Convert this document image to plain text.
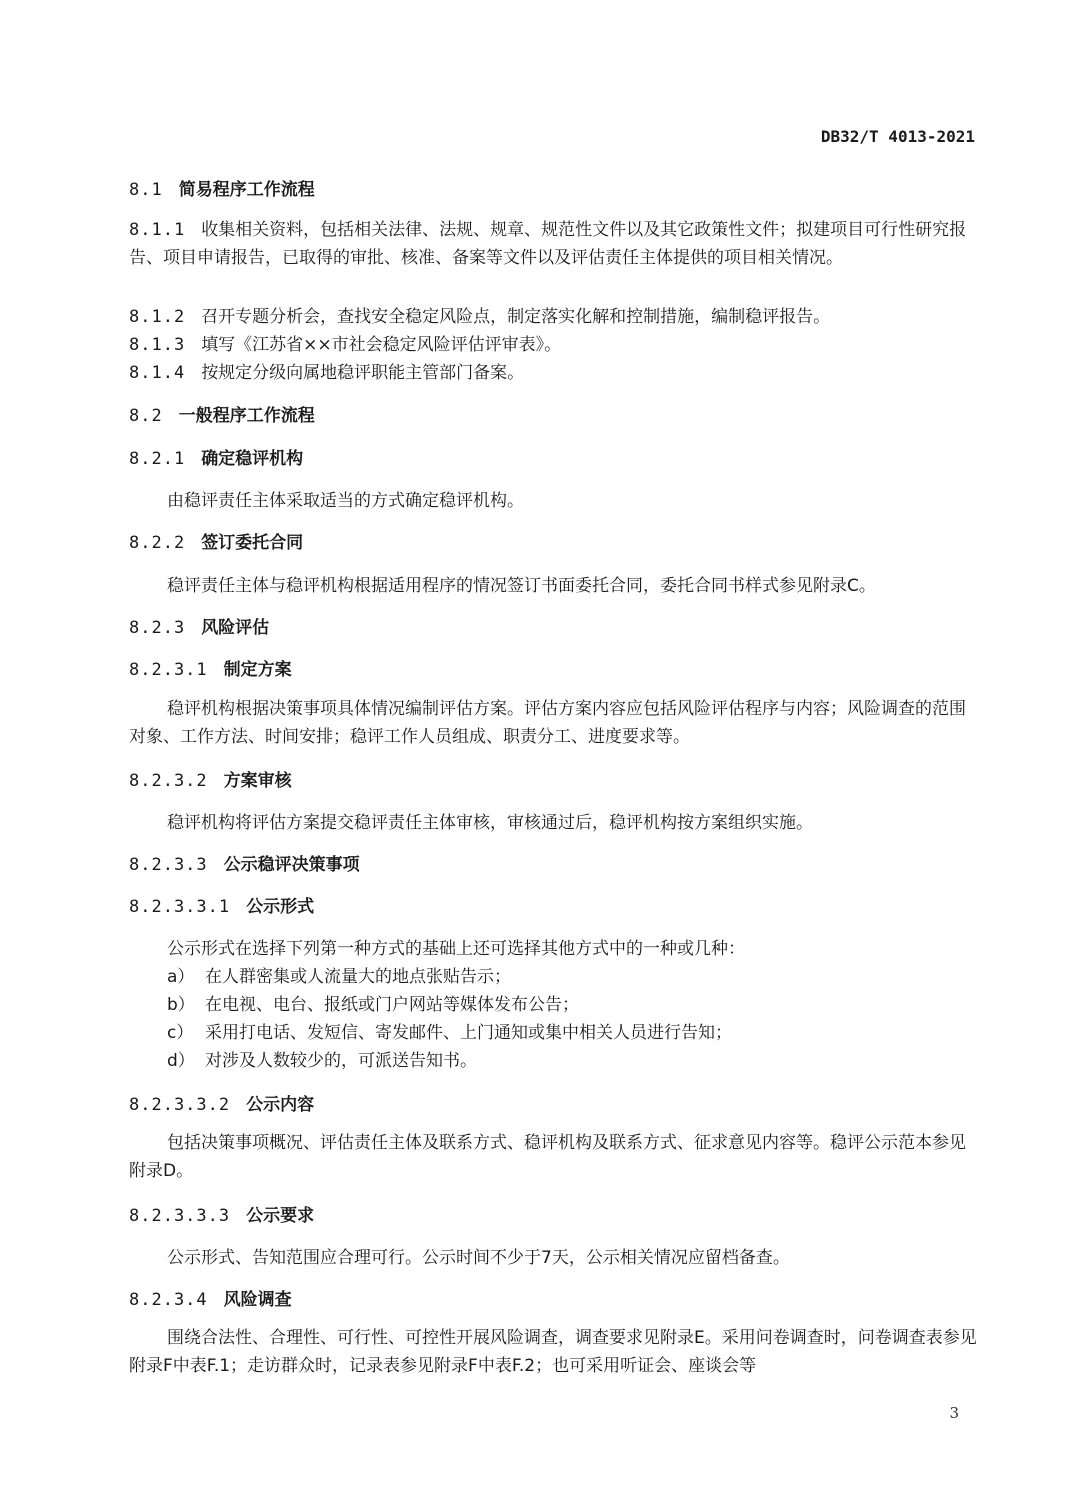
DB32/T 4013-2021
8.1 简易程序工作流程
8.1.1 收集相关资料，包括相关法律、法规、规章、规范性文件以及其它政策性文件；拟建项目可行性研究报告、项目申请报告，已取得的审批、核准、备案等文件以及评估责任主体提供的项目相关情况。
8.1.2 召开专题分析会，查找安全稳定风险点，制定落实化解和控制措施，编制稳评报告。
8.1.3 填写《江苏省××市社会稳定风险评估评审表》。
8.1.4 按规定分级向属地稳评职能主管部门备案。
8.2 一般程序工作流程
8.2.1 确定稳评机构
由稳评责任主体采取适当的方式确定稳评机构。
8.2.2 签订委托合同
稳评责任主体与稳评机构根据适用程序的情况签订书面委托合同，委托合同书样式参见附录C。
8.2.3 风险评估
8.2.3.1 制定方案
稳评机构根据决策事项具体情况编制评估方案。评估方案内容应包括风险评估程序与内容；风险调查的范围对象、工作方法、时间安排；稳评工作人员组成、职责分工、进度要求等。
8.2.3.2 方案审核
稳评机构将评估方案提交稳评责任主体审核，审核通过后，稳评机构按方案组织实施。
8.2.3.3 公示稳评决策事项
8.2.3.3.1 公示形式
公示形式在选择下列第一种方式的基础上还可选择其他方式中的一种或几种：
a） 在人群密集或人流量大的地点张贴告示；
b） 在电视、电台、报纸或门户网站等媒体发布公告；
c） 采用打电话、发短信、寄发邮件、上门通知或集中相关人员进行告知；
d） 对涉及人数较少的，可派送告知书。
8.2.3.3.2 公示内容
包括决策事项概况、评估责任主体及联系方式、稳评机构及联系方式、征求意见内容等。稳评公示范本参见附录D。
8.2.3.3.3 公示要求
公示形式、告知范围应合理可行。公示时间不少于7天，公示相关情况应留档备查。
8.2.3.4 风险调查
围绕合法性、合理性、可行性、可控性开展风险调查，调查要求见附录E。采用问卷调查时，问卷调查表参见附录F中表F.1；走访群众时，记录表参见附录F中表F.2；也可采用听证会、座谈会等
3
